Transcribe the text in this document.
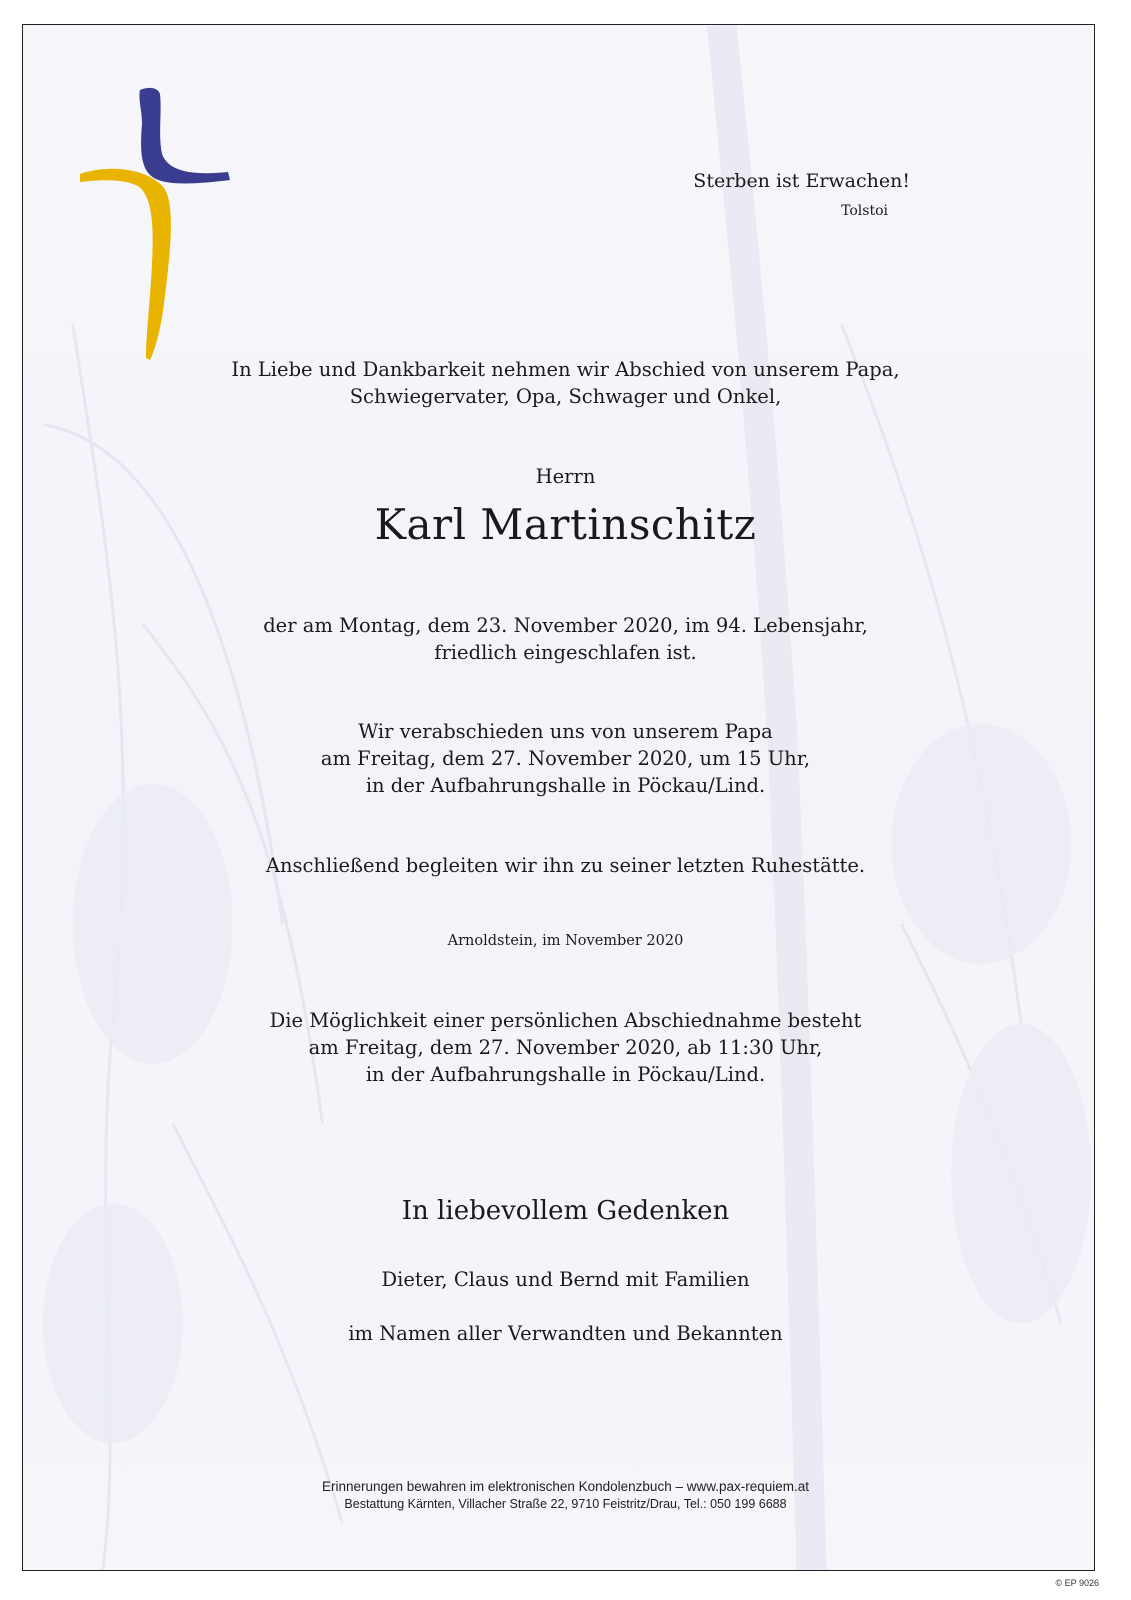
Sterben ist Erwachen!
Tolstoi
In Liebe und Dankbarkeit nehmen wir Abschied von unserem Papa,
Schwiegervater, Opa, Schwager und Onkel,
Herrn
Karl Martinschitz
der am Montag, dem 23. November 2020, im 94. Lebensjahr,
friedlich eingeschlafen ist.
Wir verabschieden uns von unserem Papa
am Freitag, dem 27. November 2020, um 15 Uhr,
in der Aufbahrungshalle in Pöckau/Lind.
Anschließend begleiten wir ihn zu seiner letzten Ruhestätte.
Arnoldstein, im November 2020
Die Möglichkeit einer persönlichen Abschiednahme besteht
am Freitag, dem 27. November 2020, ab 11:30 Uhr,
in der Aufbahrungshalle in Pöckau/Lind.
In liebevollem Gedenken
Dieter, Claus und Bernd mit Familien
im Namen aller Verwandten und Bekannten
Erinnerungen bewahren im elektronischen Kondolenzbuch – www.pax-requiem.at
Bestattung Kärnten, Villacher Straße 22, 9710 Feistritz/Drau, Tel.: 050 199 6688
© EP 9026
